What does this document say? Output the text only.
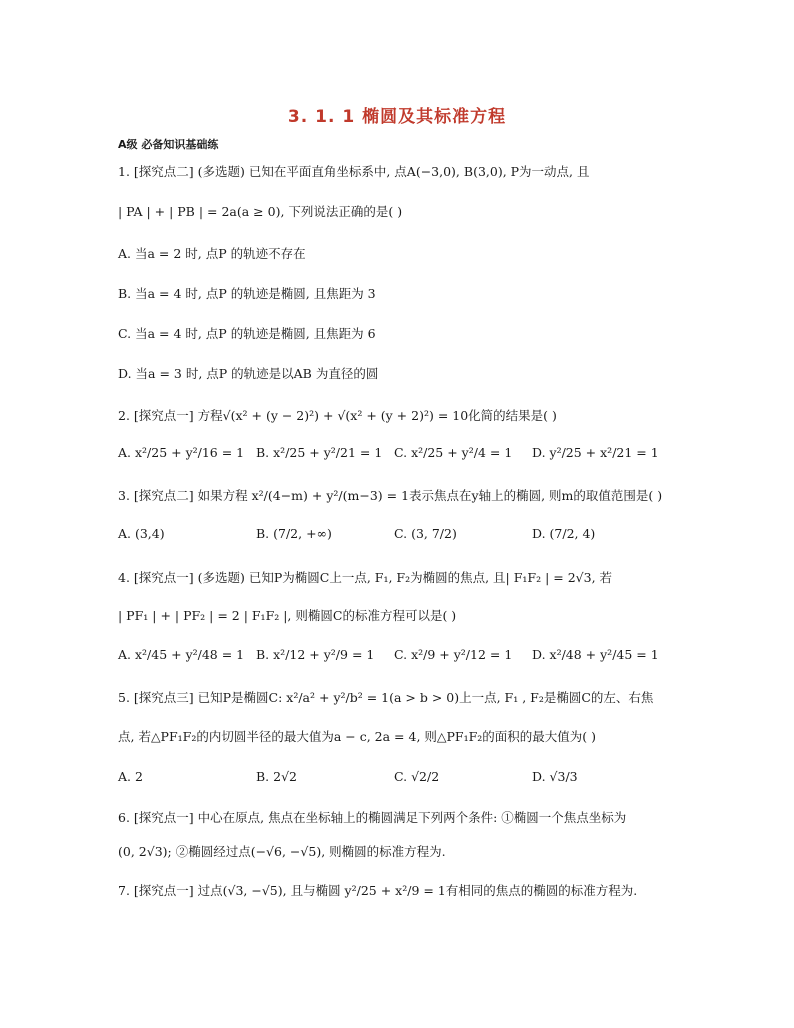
3. 1. 1 椭圆及其标准方程
A级 必备知识基础练
1. [探究点二] (多选题) 已知在平面直角坐标系中, 点A(−3,0), B(3,0), P为一动点, 且
| PA | + | PB | = 2a(a ≥ 0), 下列说法正确的是( )
A. 当a = 2 时, 点P 的轨迹不存在
B. 当a = 4 时, 点P 的轨迹是椭圆, 且焦距为 3
C. 当a = 4 时, 点P 的轨迹是椭圆, 且焦距为 6
D. 当a = 3 时, 点P 的轨迹是以AB 为直径的圆
2. [探究点一] 方程√(x² + (y − 2)²) + √(x² + (y + 2)²) = 10化简的结果是( )
A. x²/25 + y²/16 = 1 B. x²/25 + y²/21 = 1 C. x²/25 + y²/4 = 1 D. y²/25 + x²/21 = 1
3. [探究点二] 如果方程 x²/(4−m) + y²/(m−3) = 1表示焦点在y轴上的椭圆, 则m的取值范围是( )
A. (3,4)	B. (7/2, +∞)	C. (3, 7/2)	D. (7/2, 4)
4. [探究点一] (多选题) 已知P为椭圆C上一点, F₁, F₂为椭圆的焦点, 且| F₁F₂ | = 2√3, 若
| PF₁ | + | PF₂ | = 2 | F₁F₂ |, 则椭圆C的标准方程可以是( )
A. x²/45 + y²/48 = 1 B. x²/12 + y²/9 = 1 C. x²/9 + y²/12 = 1 D. x²/48 + y²/45 = 1
5. [探究点三] 已知P是椭圆C: x²/a² + y²/b² = 1(a > b > 0)上一点, F₁ , F₂是椭圆C的左、右焦
点, 若△PF₁F₂的内切圆半径的最大值为a − c, 2a = 4, 则△PF₁F₂的面积的最大值为( )
A. 2	B. 2√2	C. √2/2	D. √3/3
6. [探究点一] 中心在原点, 焦点在坐标轴上的椭圆满足下列两个条件: ①椭圆一个焦点坐标为
(0, 2√3); ②椭圆经过点(−√6, −√5), 则椭圆的标准方程为.
7. [探究点一] 过点(√3, −√5), 且与椭圆 y²/25 + x²/9 = 1有相同的焦点的椭圆的标准方程为.
